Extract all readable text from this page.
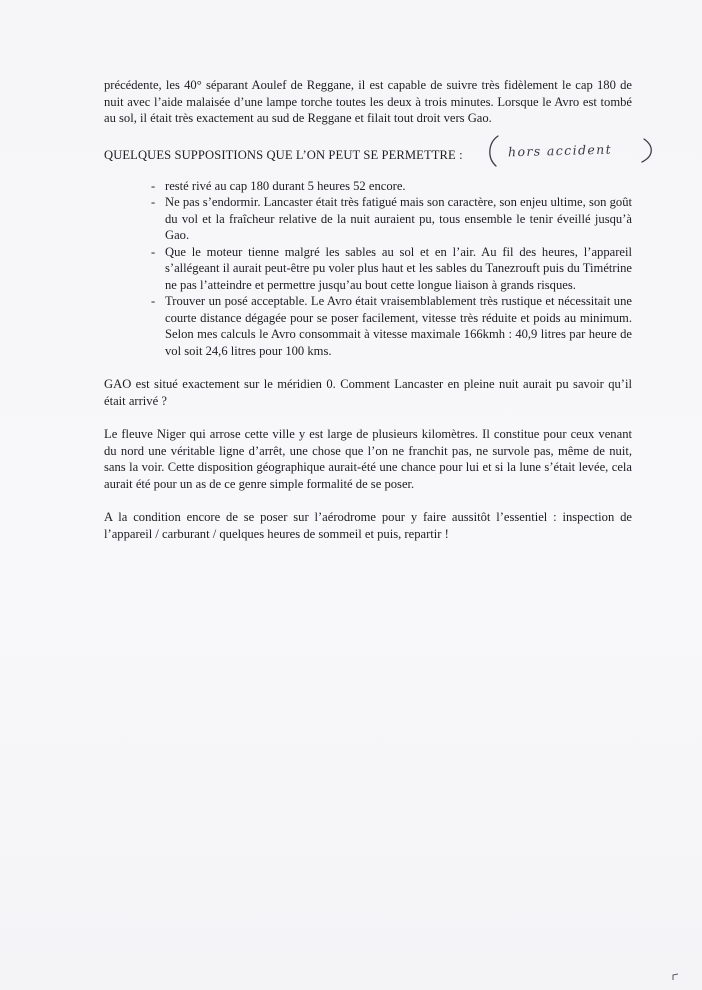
précédente, les 40° séparant Aoulef de Reggane, il est capable de suivre très fidèlement le cap 180 de nuit avec l’aide malaisée d’une lampe torche toutes les deux à trois minutes. Lorsque le Avro est tombé au sol, il était très exactement au sud de Reggane et filait tout droit vers Gao.

QUELQUES SUPPOSITIONS QUE L’ON PEUT SE PERMETTRE :	hors accident
- resté rivé au cap 180 durant 5 heures 52 encore.
- Ne pas s’endormir. Lancaster était très fatigué mais son caractère, son enjeu ultime, son goût du vol et la fraîcheur relative de la nuit auraient pu, tous ensemble le tenir éveillé jusqu’à Gao.
- Que le moteur tienne malgré les sables au sol et en l’air. Au fil des heures, l’appareil s’allégeant il aurait peut-être pu voler plus haut et les sables du Tanezrouft puis du Timétrine ne pas l’atteindre et permettre jusqu’au bout cette longue liaison à grands risques.
- Trouver un posé acceptable. Le Avro était vraisemblablement très rustique et nécessitait une courte distance dégagée pour se poser facilement, vitesse très réduite et poids au minimum. Selon mes calculs le Avro consommait à vitesse maximale 166kmh : 40,9 litres par heure de vol soit 24,6 litres pour 100 kms.

GAO est situé exactement sur le méridien 0. Comment Lancaster en pleine nuit aurait pu savoir qu’il était arrivé ?

Le fleuve Niger qui arrose cette ville y est large de plusieurs kilomètres. Il constitue pour ceux venant du nord une véritable ligne d’arrêt, une chose que l’on ne franchit pas, ne survole pas, même de nuit, sans la voir. Cette disposition géographique aurait-été une chance pour lui et si la lune s’était levée, cela aurait été pour un as de ce genre simple formalité de se poser.

A la condition encore de se poser sur l’aérodrome pour y faire aussitôt l’essentiel : inspection de l’appareil / carburant / quelques heures de sommeil et puis, repartir !
